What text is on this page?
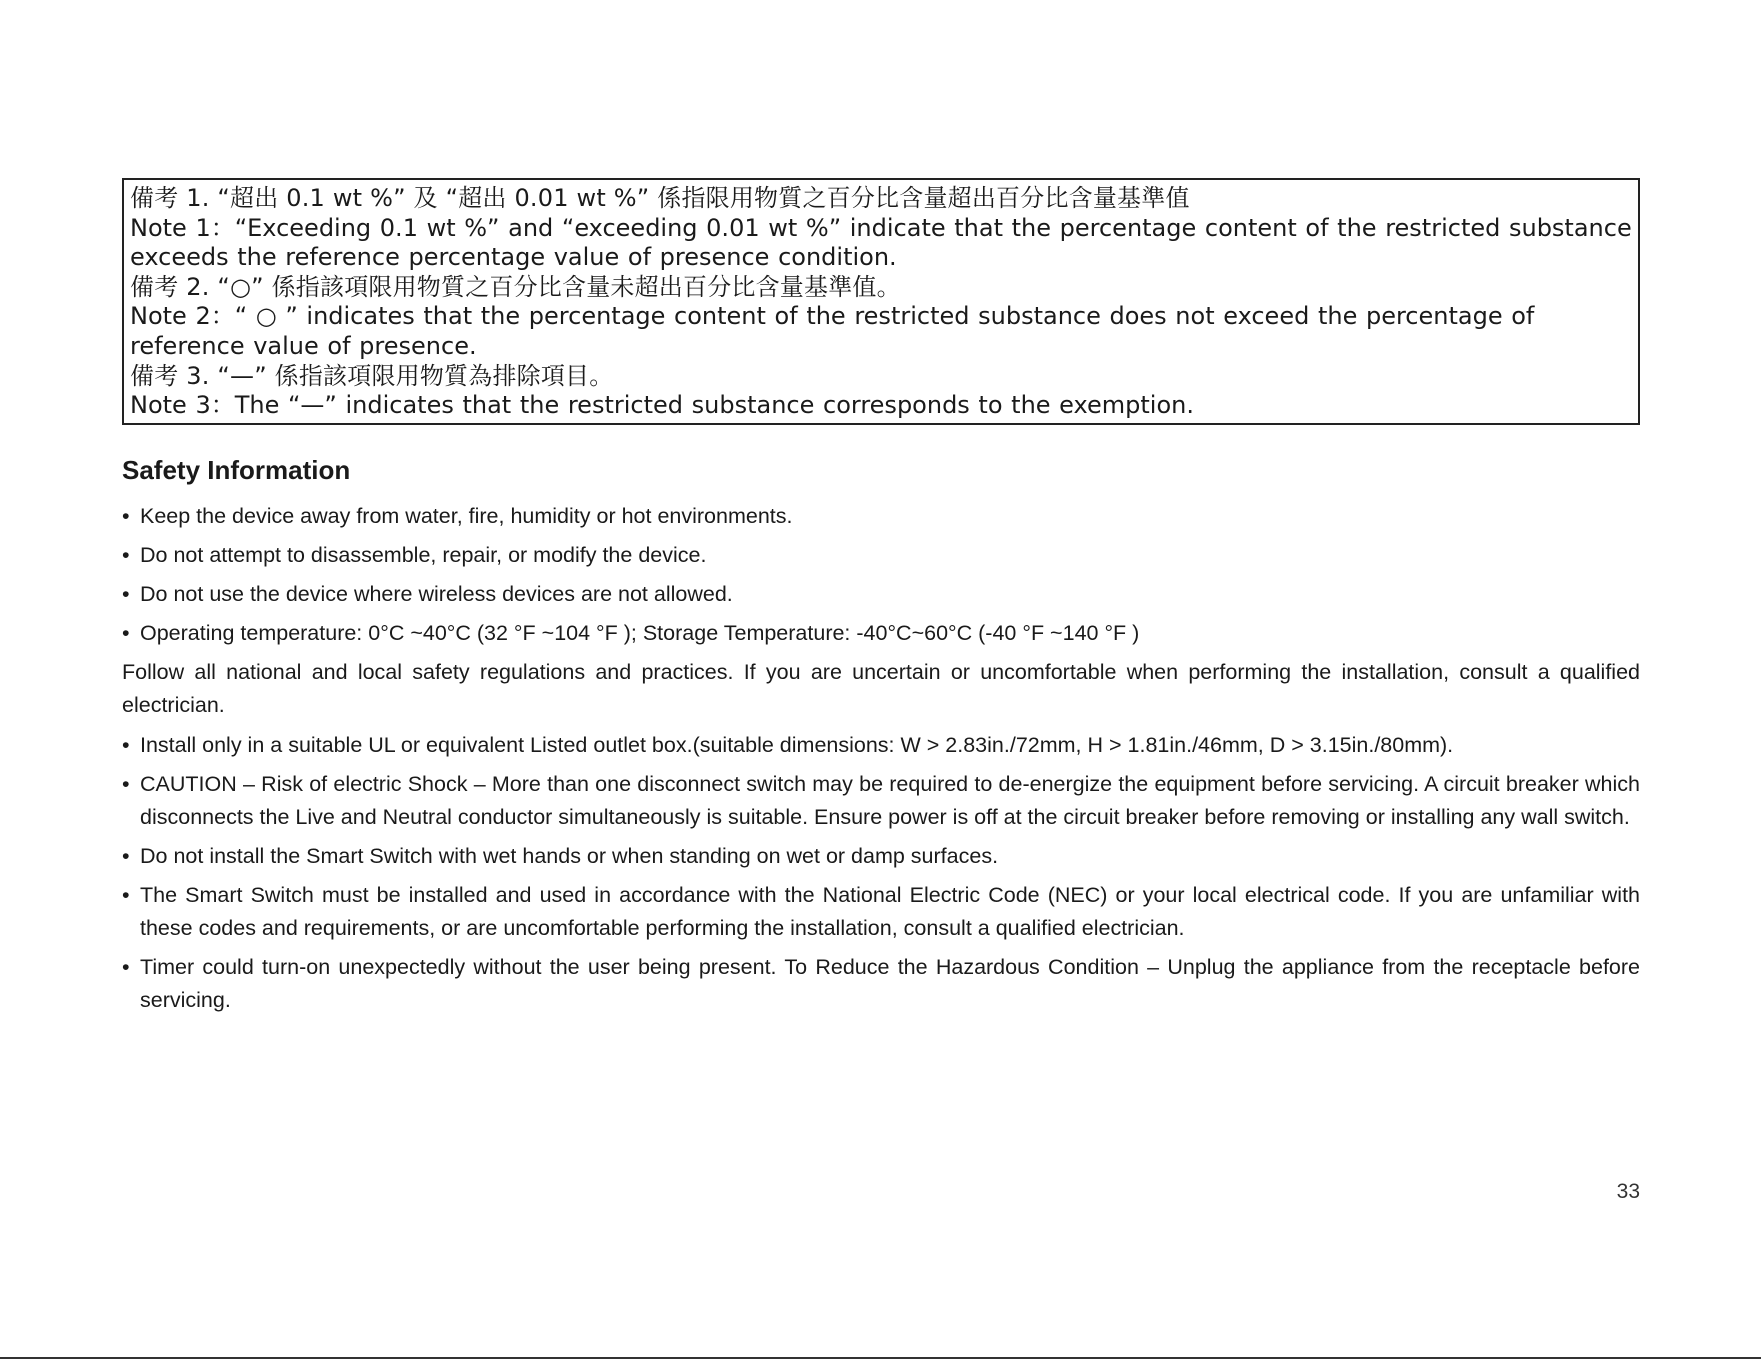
備考 1. “超出 0.1 wt %” 及 “超出 0.01 wt %” 係指限用物質之百分比含量超出百分比含量基準值

Note 1：“Exceeding 0.1 wt %” and “exceeding 0.01 wt %” indicate that the percentage content of the restricted substance exceeds the reference percentage value of presence condition.

備考 2. “○” 係指該項限用物質之百分比含量未超出百分比含量基準值。

Note 2：“ ○ ” indicates that the percentage content of the restricted substance does not exceed the percentage of reference value of presence.

備考 3. “—” 係指該項限用物質為排除項目。

Note 3：The “—” indicates that the restricted substance corresponds to the exemption.

Safety Information
• Keep the device away from water, fire, humidity or hot environments.
• Do not attempt to disassemble, repair, or modify the device.
• Do not use the device where wireless devices are not allowed.
• Operating temperature: 0°C ~40°C (32 °F ~104 °F ); Storage Temperature: -40°C~60°C (-40 °F ~140 °F )

Follow all national and local safety regulations and practices. If you are uncertain or uncomfortable when performing the installation, consult a qualified electrician.

• Install only in a suitable UL or equivalent Listed outlet box.(suitable dimensions: W > 2.83in./72mm, H > 1.81in./46mm, D > 3.15in./80mm).
• CAUTION – Risk of electric Shock – More than one disconnect switch may be required to de-energize the equipment before servicing. A circuit breaker which disconnects the Live and Neutral conductor simultaneously is suitable. Ensure power is off at the circuit breaker before removing or installing any wall switch.
• Do not install the Smart Switch with wet hands or when standing on wet or damp surfaces.
• The Smart Switch must be installed and used in accordance with the National Electric Code (NEC) or your local electrical code. If you are unfamiliar with these codes and requirements, or are uncomfortable performing the installation, consult a qualified electrician.
• Timer could turn-on unexpectedly without the user being present. To Reduce the Hazardous Condition – Unplug the appliance from the receptacle before servicing.
33
